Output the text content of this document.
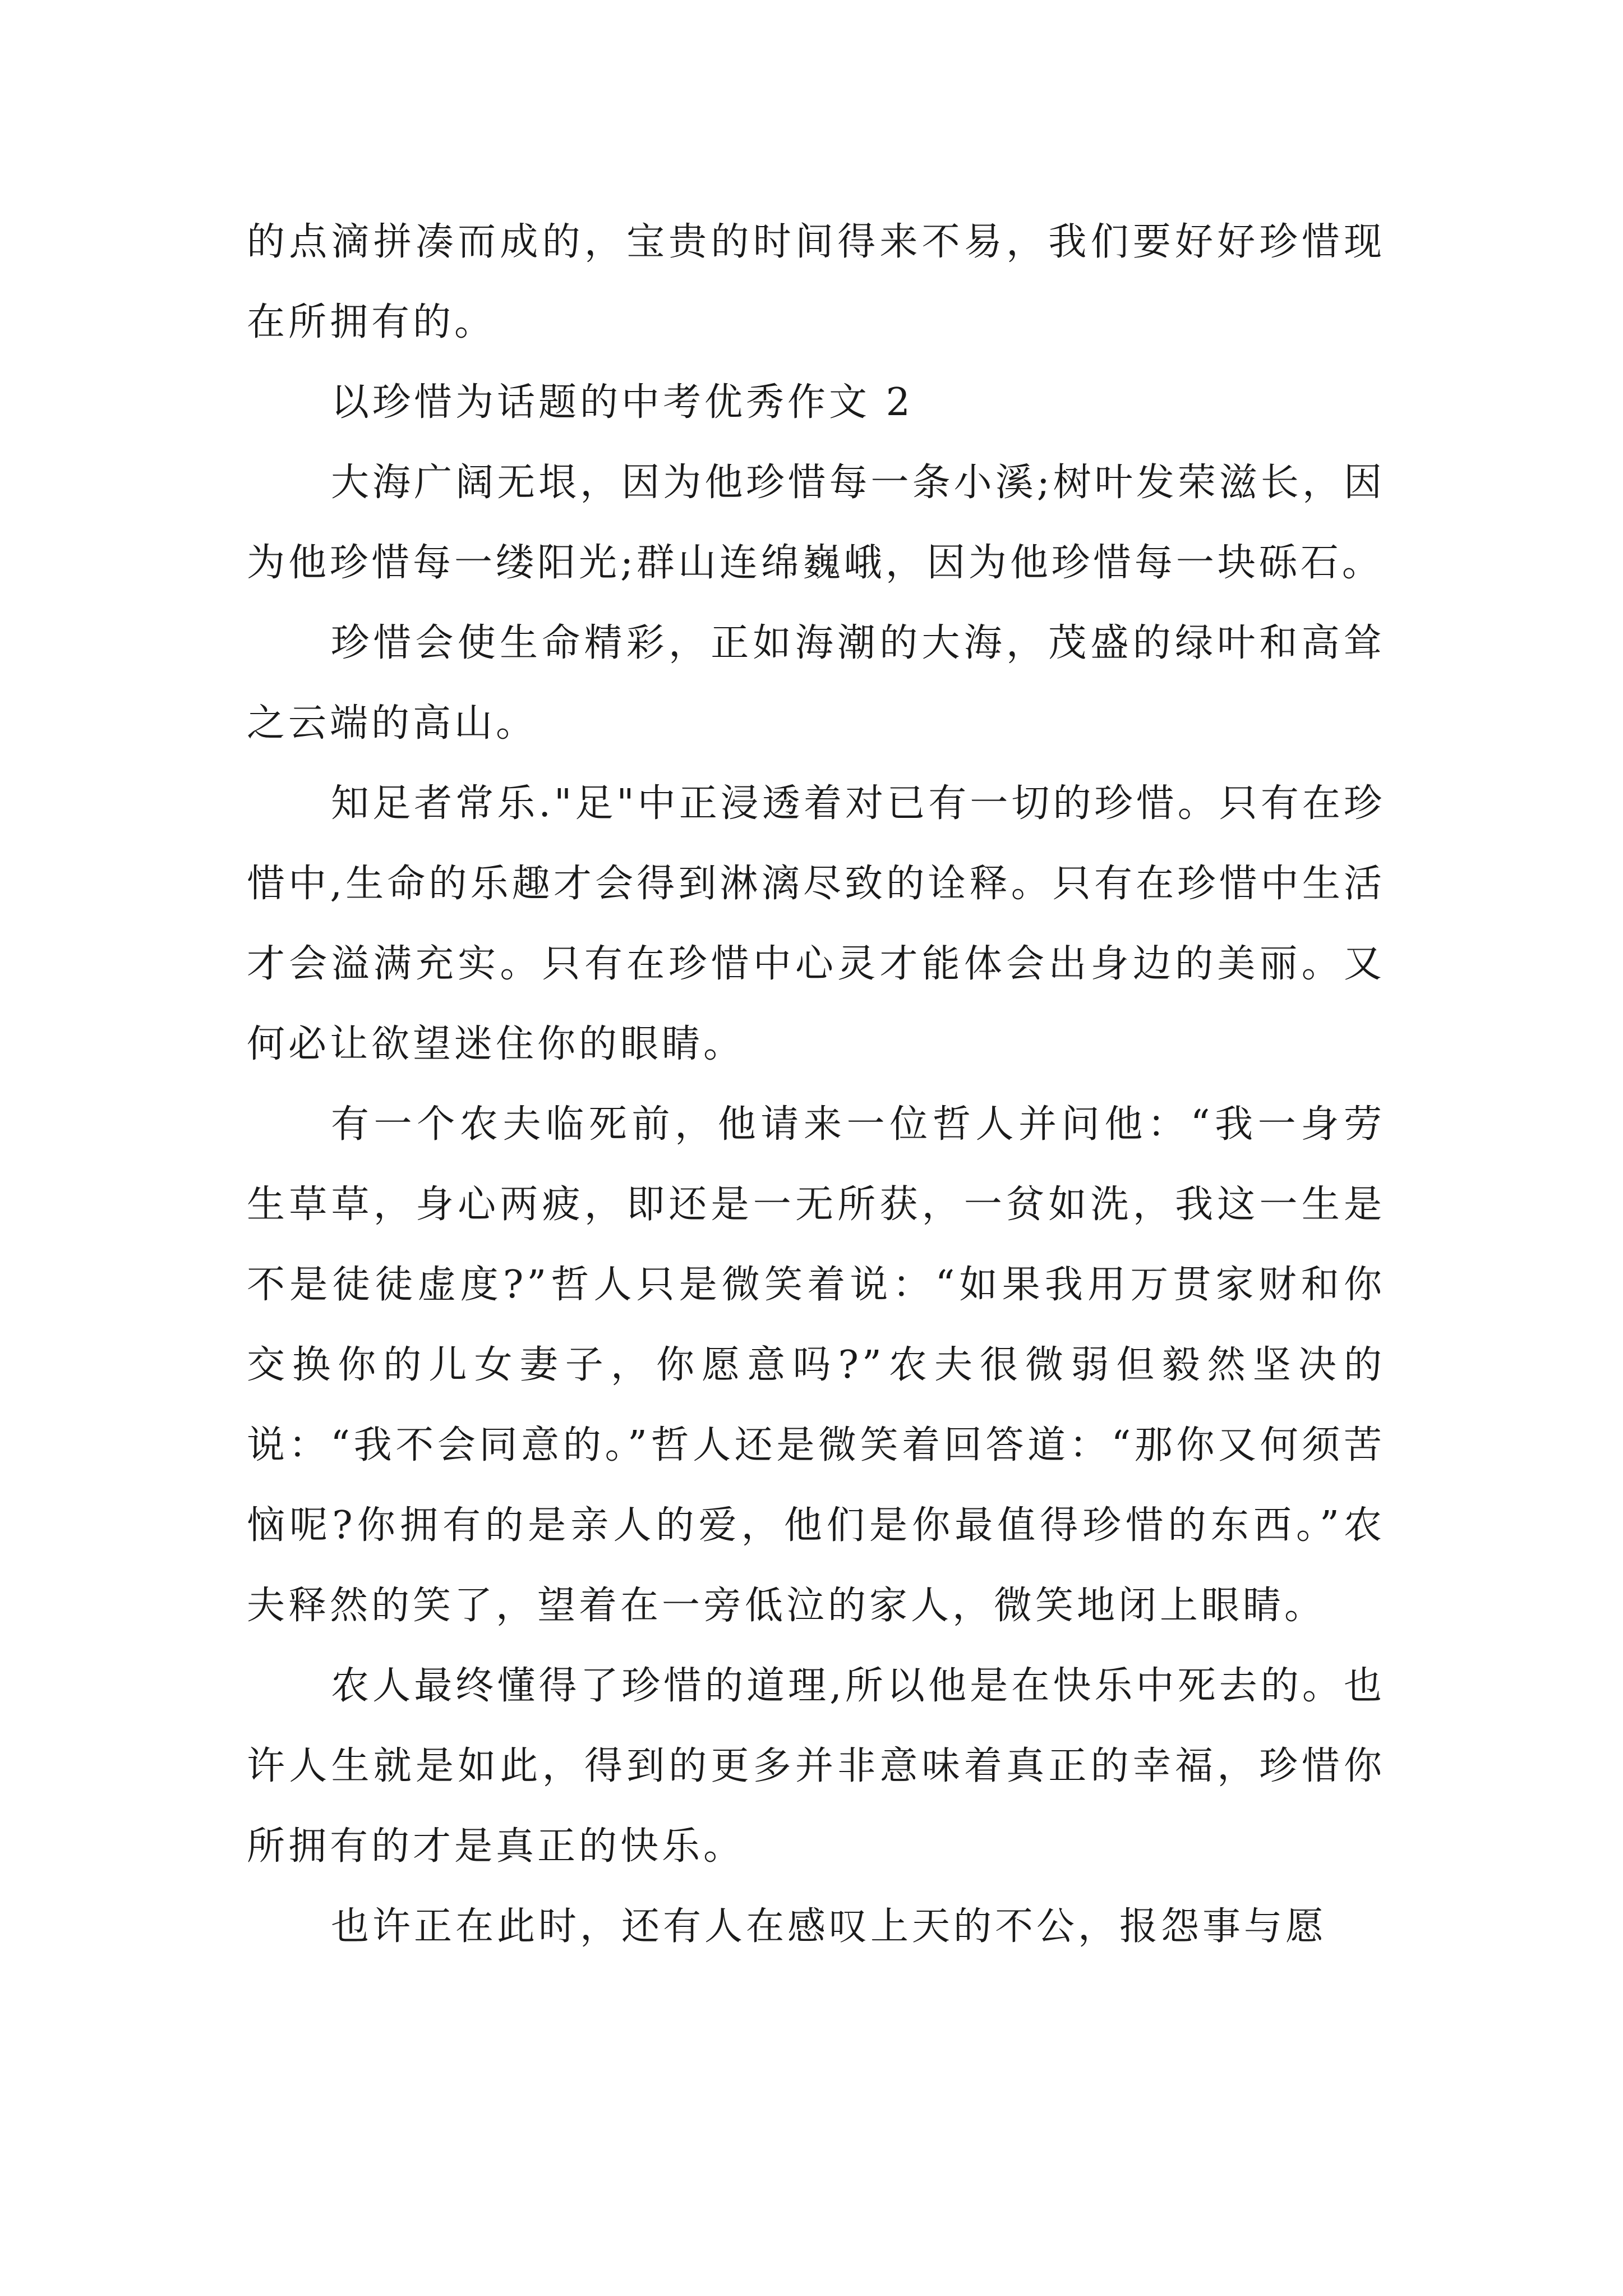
的点滴拼凑而成的，宝贵的时间得来不易，我们要好好珍惜现在所拥有的。

以珍惜为话题的中考优秀作文 2

大海广阔无垠，因为他珍惜每一条小溪;树叶发荣滋长，因为他珍惜每一缕阳光;群山连绵巍峨，因为他珍惜每一块砾石。

珍惜会使生命精彩，正如海潮的大海，茂盛的绿叶和高耸之云端的高山。

知足者常乐."足"中正浸透着对已有一切的珍惜。只有在珍惜中,生命的乐趣才会得到淋漓尽致的诠释。只有在珍惜中生活才会溢满充实。只有在珍惜中心灵才能体会出身边的美丽。又何必让欲望迷住你的眼睛。

有一个农夫临死前，他请来一位哲人并问他：“我一身劳生草草，身心两疲，即还是一无所获，一贫如洗，我这一生是不是徒徒虚度?”哲人只是微笑着说：“如果我用万贯家财和你交换你的儿女妻子，你愿意吗?”农夫很微弱但毅然坚决的说：“我不会同意的。”哲人还是微笑着回答道：“那你又何须苦恼呢?你拥有的是亲人的爱，他们是你最值得珍惜的东西。”农夫释然的笑了，望着在一旁低泣的家人，微笑地闭上眼睛。

农人最终懂得了珍惜的道理,所以他是在快乐中死去的。也许人生就是如此，得到的更多并非意味着真正的幸福，珍惜你所拥有的才是真正的快乐。

也许正在此时，还有人在感叹上天的不公，报怨事与愿
